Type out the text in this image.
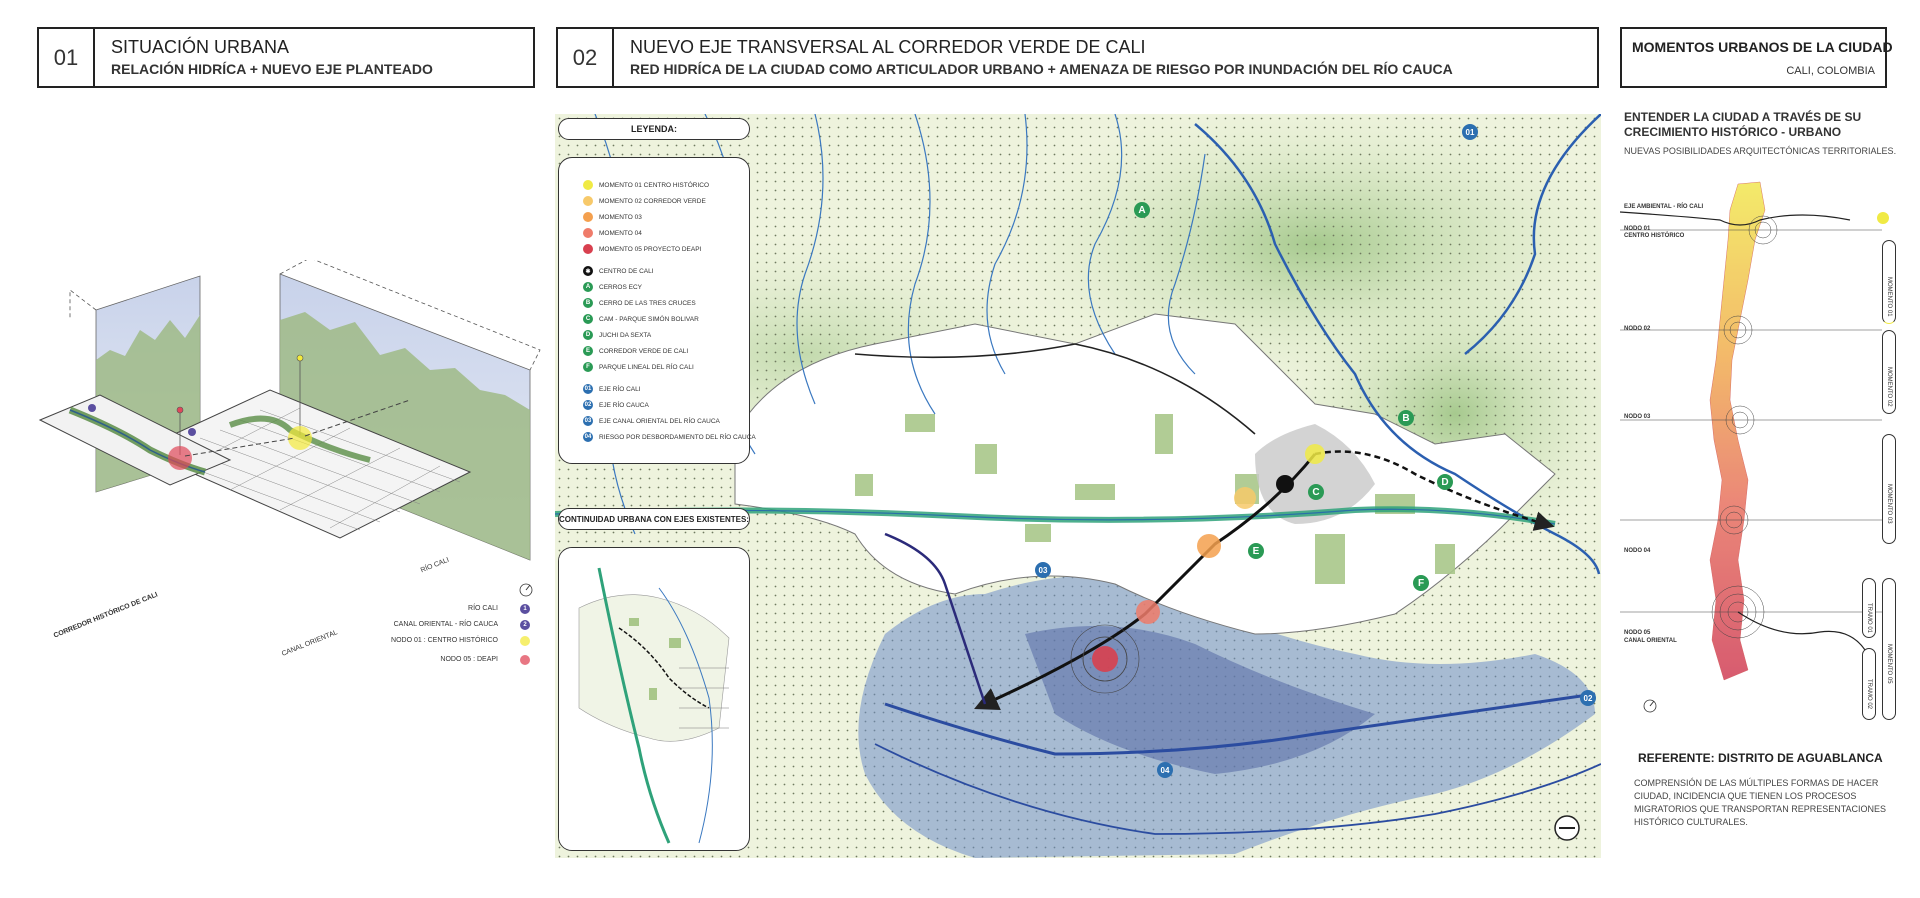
01	SITUACIÓN URBANA
RELACIÓN HIDRÍCA + NUEVO EJE PLANTEADO	02	NUEVO EJE TRANSVERSAL AL CORREDOR VERDE DE CALI
RED HIDRÍCA DE LA CIUDAD COMO ARTICULADOR URBANO + AMENAZA DE RIESGO POR INUNDACIÓN DEL RÍO CAUCA
MOMENTOS URBANOS DE LA CIUDAD
CALI, COLOMBIA
RÍO CALI
CORREDOR HISTÓRICO DE CALI
CANAL ORIENTAL
RÍO CALI	1
CANAL ORIENTAL - RÍO CAUCA	2
NODO 01 : CENTRO HISTÓRICO
NODO 05 : DEAPI
A
B
C
D
E
F
01
02
03
04
LEYENDA:
MOMENTO 01 CENTRO HISTÓRICO
MOMENTO 02 CORREDOR VERDE
MOMENTO 03
MOMENTO 04
MOMENTO 05 PROYECTO DEAPI
✱	CENTRO DE CALI
A	CERROS ECY
B	CERRO DE LAS TRES CRUCES
C	CAM - PARQUE SIMÓN BOLIVAR
D	JUCHI DA SEXTA
E	CORREDOR VERDE DE CALI
F	PARQUE LINEAL DEL RÍO CALI
01 EJE RÍO CALI
02 EJE RÍO CAUCA
03 EJE CANAL ORIENTAL DEL RÍO CAUCA
04 RIESGO POR DESBORDAMIENTO DEL RÍO CAUCA
CONTINUIDAD URBANA CON EJES EXISTENTES:
ENTENDER LA CIUDAD A TRAVÉS DE SU
CRECIMIENTO HISTÓRICO - URBANO
NUEVAS POSIBILIDADES ARQUITECTÓNICAS TERRITORIALES.
EJE AMBIENTAL - RÍO CALI
NODO 01
CENTRO HISTÓRICO
NODO 02
NODO 03
NODO 04
NODO 05
CANAL ORIENTAL
MOMENTO 01
MOMENTO 02
MOMENTO 03
TRAMO 01
MOMENTO 05
TRAMO 02
REFERENTE: DISTRITO DE AGUABLANCA
COMPRENSIÓN DE LAS MÚLTIPLES FORMAS DE HACER
CIUDAD, INCIDENCIA QUE TIENEN LOS PROCESOS
MIGRATORIOS QUE TRANSPORTAN REPRESENTACIONES
HISTÓRICO CULTURALES.
